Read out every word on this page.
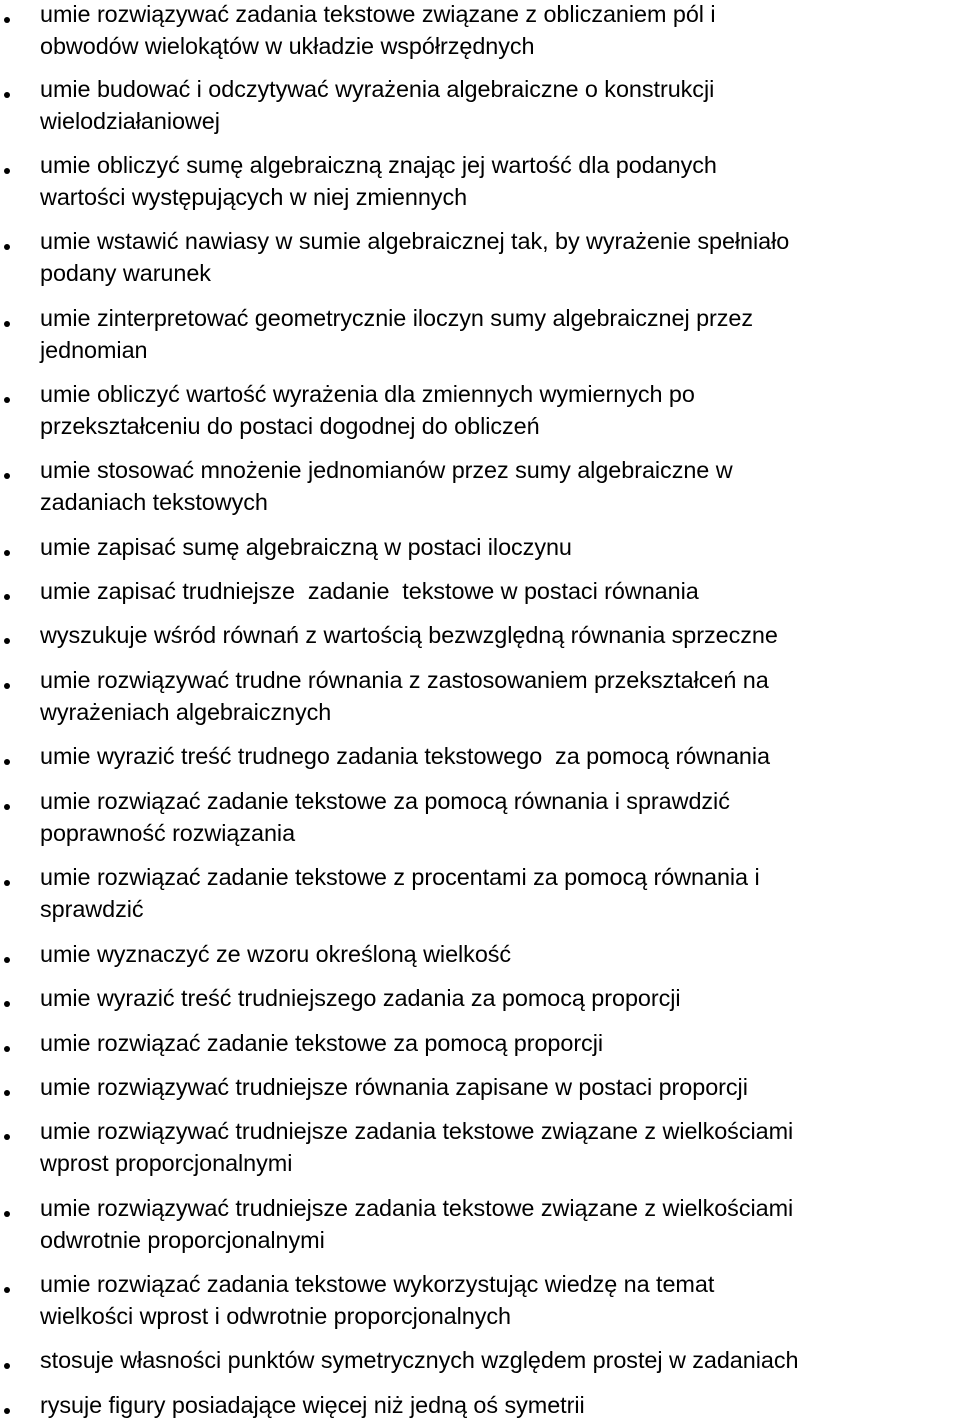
umie rozwiązywać zadania tekstowe związane z obliczaniem pól i
obwodów wielokątów w układzie współrzędnych
umie budować i odczytywać wyrażenia algebraiczne o konstrukcji
wielodziałaniowej
umie obliczyć sumę algebraiczną znając jej wartość dla podanych
wartości występujących w niej zmiennych
umie wstawić nawiasy w sumie algebraicznej tak, by wyrażenie spełniało
podany warunek
umie zinterpretować geometrycznie iloczyn sumy algebraicznej przez
jednomian
umie obliczyć wartość wyrażenia dla zmiennych wymiernych po
przekształceniu do postaci dogodnej do obliczeń
umie stosować mnożenie jednomianów przez sumy algebraiczne w
zadaniach tekstowych
umie zapisać sumę algebraiczną w postaci iloczynu
umie zapisać trudniejsze  zadanie  tekstowe w postaci równania
wyszukuje wśród równań z wartością bezwzględną równania sprzeczne
umie rozwiązywać trudne równania z zastosowaniem przekształceń na
wyrażeniach algebraicznych
umie wyrazić treść trudnego zadania tekstowego  za pomocą równania
umie rozwiązać zadanie tekstowe za pomocą równania i sprawdzić
poprawność rozwiązania
umie rozwiązać zadanie tekstowe z procentami za pomocą równania i
sprawdzić
umie wyznaczyć ze wzoru określoną wielkość
umie wyrazić treść trudniejszego zadania za pomocą proporcji
umie rozwiązać zadanie tekstowe za pomocą proporcji
umie rozwiązywać trudniejsze równania zapisane w postaci proporcji
umie rozwiązywać trudniejsze zadania tekstowe związane z wielkościami
wprost proporcjonalnymi
umie rozwiązywać trudniejsze zadania tekstowe związane z wielkościami
odwrotnie proporcjonalnymi
umie rozwiązać zadania tekstowe wykorzystując wiedzę na temat
wielkości wprost i odwrotnie proporcjonalnych
stosuje własności punktów symetrycznych względem prostej w zadaniach
rysuje figury posiadające więcej niż jedną oś symetrii
